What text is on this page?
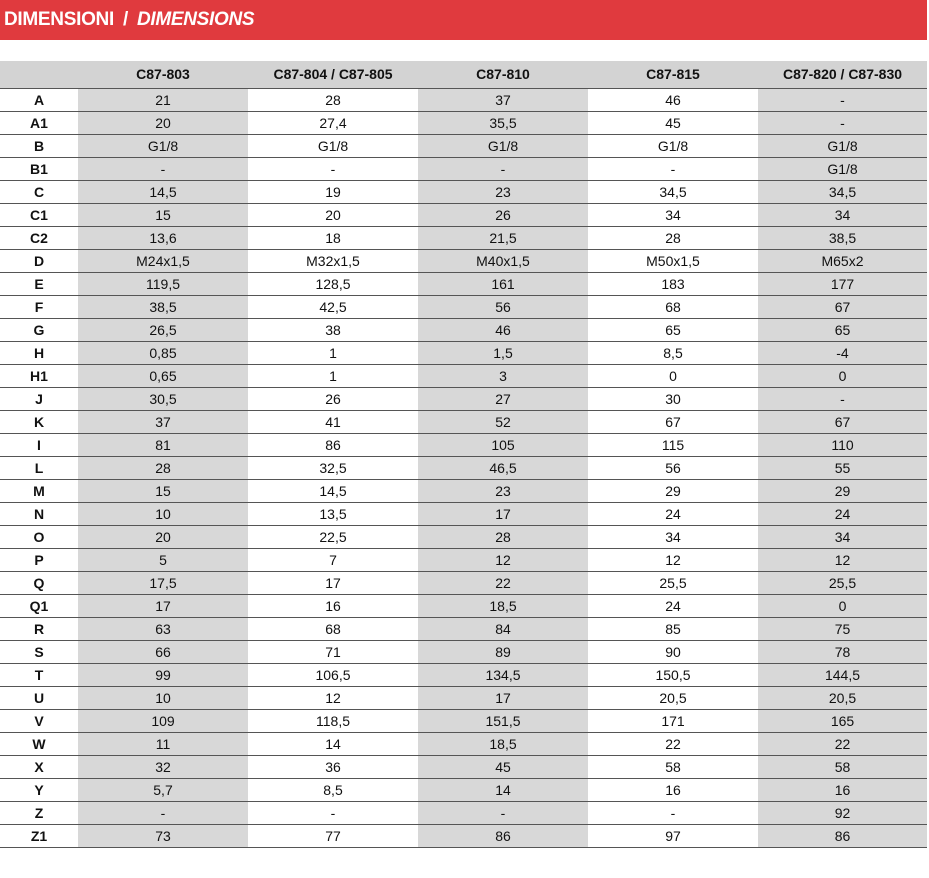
DIMENSIONI / DIMENSIONS
	C87-803	C87-804 / C87-805	C87-810	C87-815	C87-820 / C87-830
A	21	28	37	46	-
A1	20	27,4	35,5	45	-
B	G1/8	G1/8	G1/8	G1/8	G1/8
B1	-	-	-	-	G1/8
C	14,5	19	23	34,5	34,5
C1	15	20	26	34	34
C2	13,6	18	21,5	28	38,5
D	M24x1,5	M32x1,5	M40x1,5	M50x1,5	M65x2
E	119,5	128,5	161	183	177
F	38,5	42,5	56	68	67
G	26,5	38	46	65	65
H	0,85	1	1,5	8,5	-4
H1	0,65	1	3	0	0
J	30,5	26	27	30	-
K	37	41	52	67	67
I	81	86	105	115	110
L	28	32,5	46,5	56	55
M	15	14,5	23	29	29
N	10	13,5	17	24	24
O	20	22,5	28	34	34
P	5	7	12	12	12
Q	17,5	17	22	25,5	25,5
Q1	17	16	18,5	24	0
R	63	68	84	85	75
S	66	71	89	90	78
T	99	106,5	134,5	150,5	144,5
U	10	12	17	20,5	20,5
V	109	118,5	151,5	171	165
W	11	14	18,5	22	22
X	32	36	45	58	58
Y	5,7	8,5	14	16	16
Z	-	-	-	-	92
Z1	73	77	86	97	86
